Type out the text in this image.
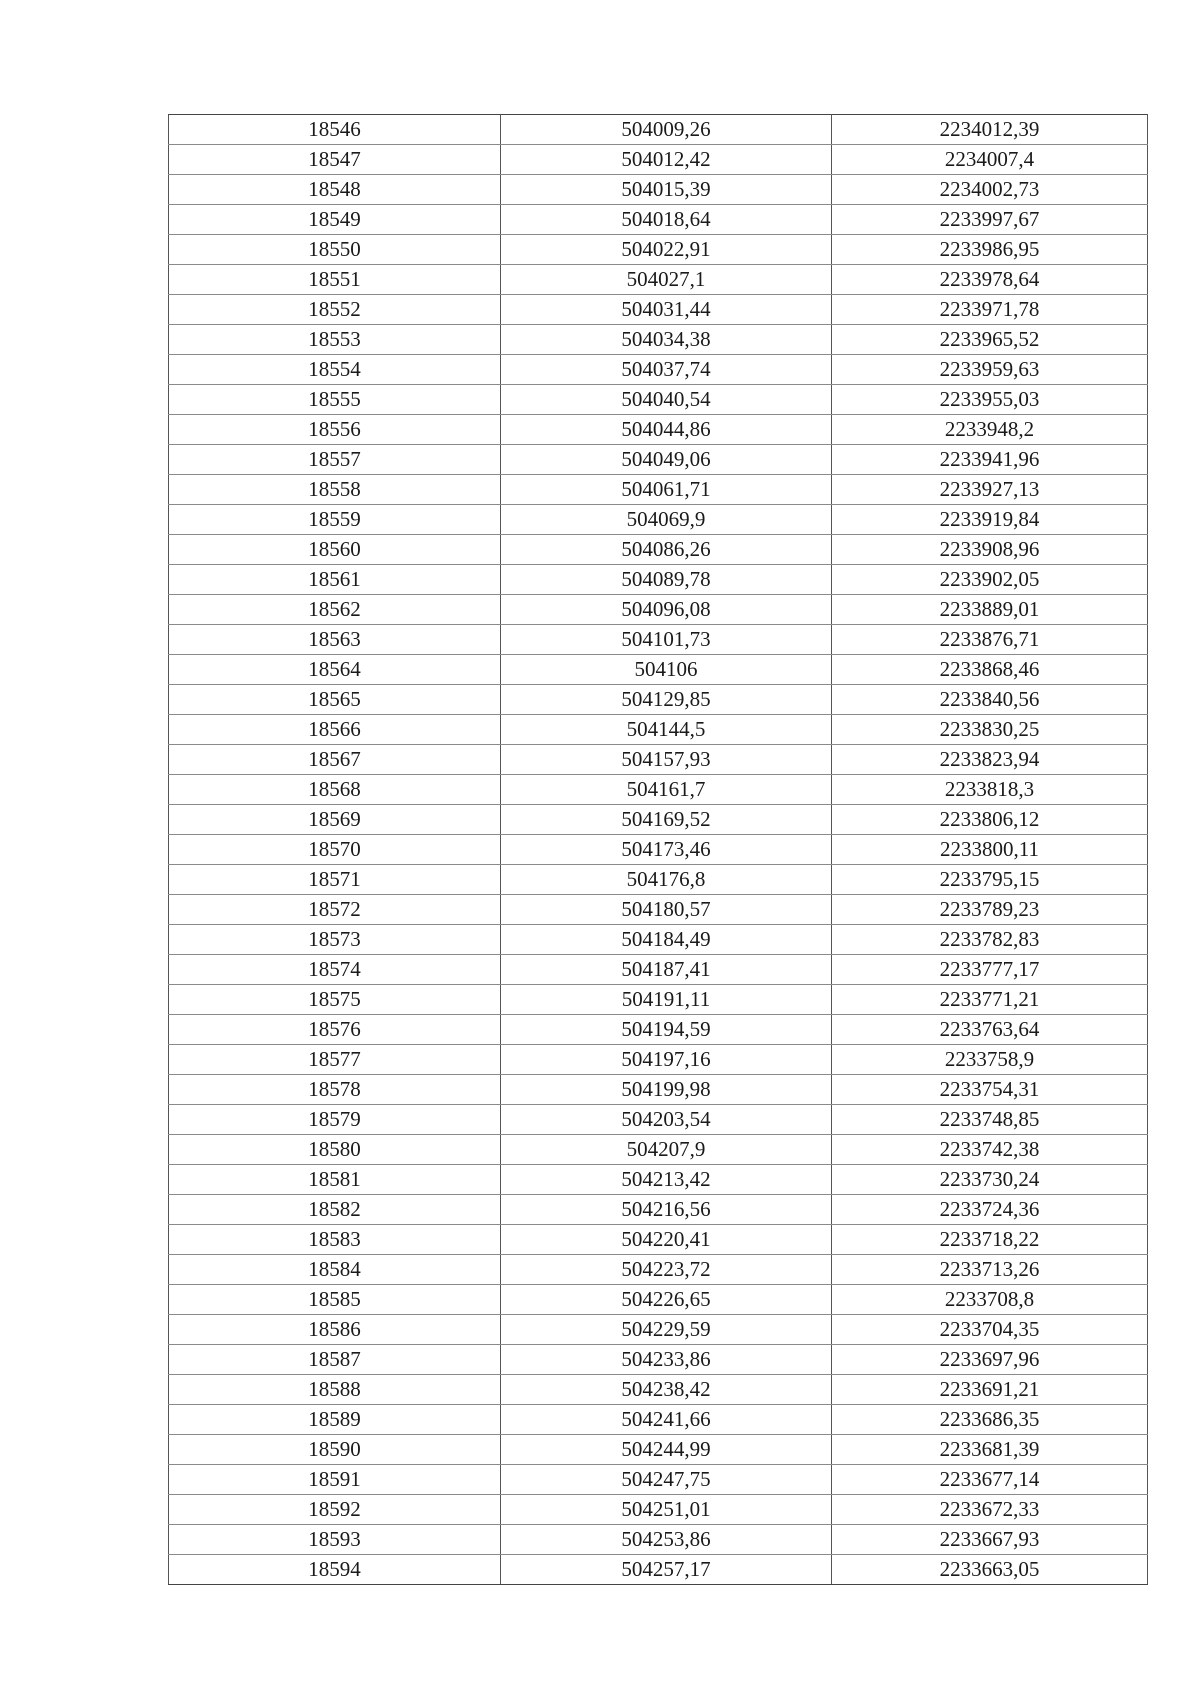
18546	504009,26	2234012,39
18547	504012,42	2234007,4
18548	504015,39	2234002,73
18549	504018,64	2233997,67
18550	504022,91	2233986,95
18551	504027,1	2233978,64
18552	504031,44	2233971,78
18553	504034,38	2233965,52
18554	504037,74	2233959,63
18555	504040,54	2233955,03
18556	504044,86	2233948,2
18557	504049,06	2233941,96
18558	504061,71	2233927,13
18559	504069,9	2233919,84
18560	504086,26	2233908,96
18561	504089,78	2233902,05
18562	504096,08	2233889,01
18563	504101,73	2233876,71
18564	504106	2233868,46
18565	504129,85	2233840,56
18566	504144,5	2233830,25
18567	504157,93	2233823,94
18568	504161,7	2233818,3
18569	504169,52	2233806,12
18570	504173,46	2233800,11
18571	504176,8	2233795,15
18572	504180,57	2233789,23
18573	504184,49	2233782,83
18574	504187,41	2233777,17
18575	504191,11	2233771,21
18576	504194,59	2233763,64
18577	504197,16	2233758,9
18578	504199,98	2233754,31
18579	504203,54	2233748,85
18580	504207,9	2233742,38
18581	504213,42	2233730,24
18582	504216,56	2233724,36
18583	504220,41	2233718,22
18584	504223,72	2233713,26
18585	504226,65	2233708,8
18586	504229,59	2233704,35
18587	504233,86	2233697,96
18588	504238,42	2233691,21
18589	504241,66	2233686,35
18590	504244,99	2233681,39
18591	504247,75	2233677,14
18592	504251,01	2233672,33
18593	504253,86	2233667,93
18594	504257,17	2233663,05
